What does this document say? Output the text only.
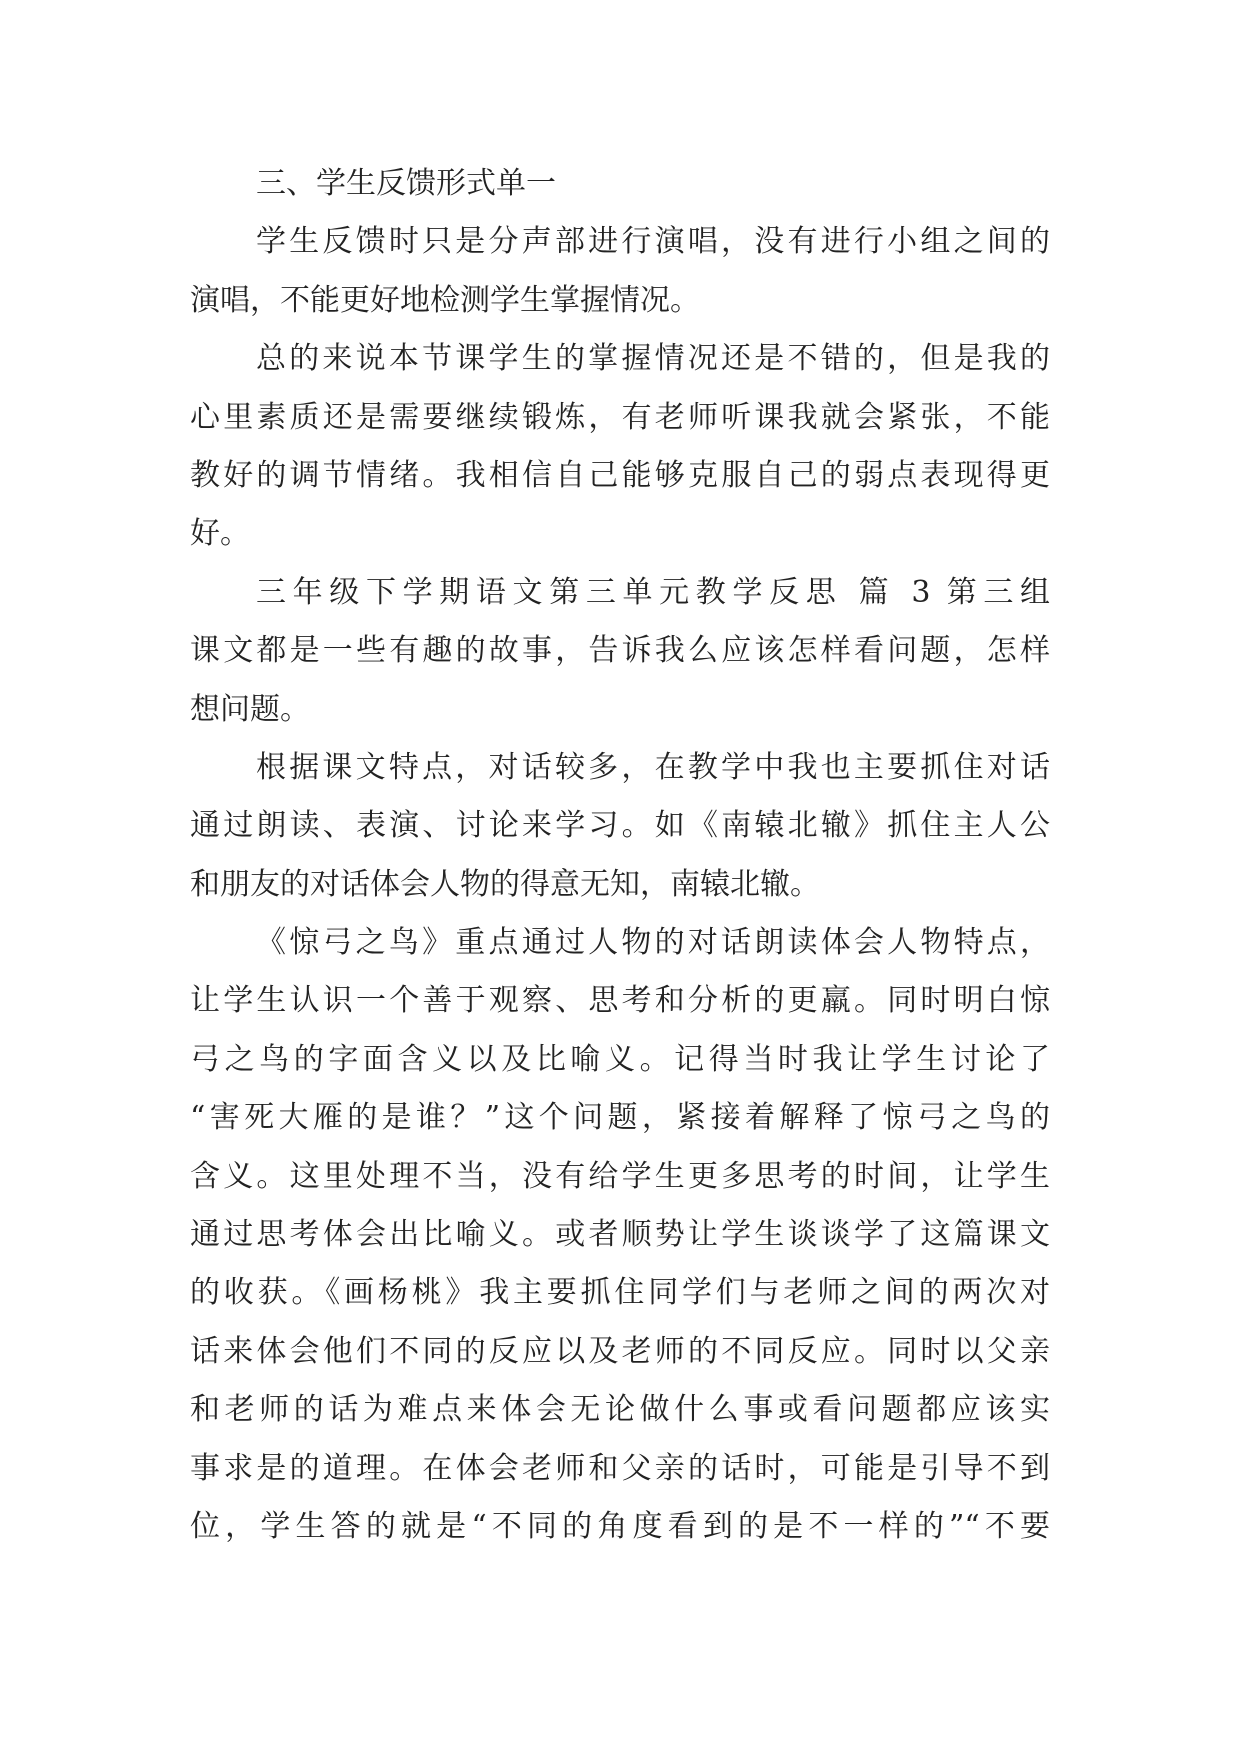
三、学生反馈形式单一
学生反馈时只是分声部进行演唱，没有进行小组之间的
演唱，不能更好地检测学生掌握情况。
总的来说本节课学生的掌握情况还是不错的，但是我的
心里素质还是需要继续锻炼，有老师听课我就会紧张，不能
教好的调节情绪。我相信自己能够克服自己的弱点表现得更
好。
三年级下学期语文第三单元教学反思 篇 3 第三组
课文都是一些有趣的故事，告诉我么应该怎样看问题，怎样
想问题。
根据课文特点，对话较多，在教学中我也主要抓住对话
通过朗读、表演、讨论来学习。如《南辕北辙》抓住主人公
和朋友的对话体会人物的得意无知，南辕北辙。
《惊弓之鸟》重点通过人物的对话朗读体会人物特点，
让学生认识一个善于观察、思考和分析的更羸。同时明白惊
弓之鸟的字面含义以及比喻义。记得当时我让学生讨论了
“害死大雁的是谁？”这个问题，紧接着解释了惊弓之鸟的
含义。这里处理不当，没有给学生更多思考的时间，让学生
通过思考体会出比喻义。或者顺势让学生谈谈学了这篇课文
的收获。《画杨桃》我主要抓住同学们与老师之间的两次对
话来体会他们不同的反应以及老师的不同反应。同时以父亲
和老师的话为难点来体会无论做什么事或看问题都应该实
事求是的道理。在体会老师和父亲的话时，可能是引导不到
位，学生答的就是“不同的角度看到的是不一样的”“不要
